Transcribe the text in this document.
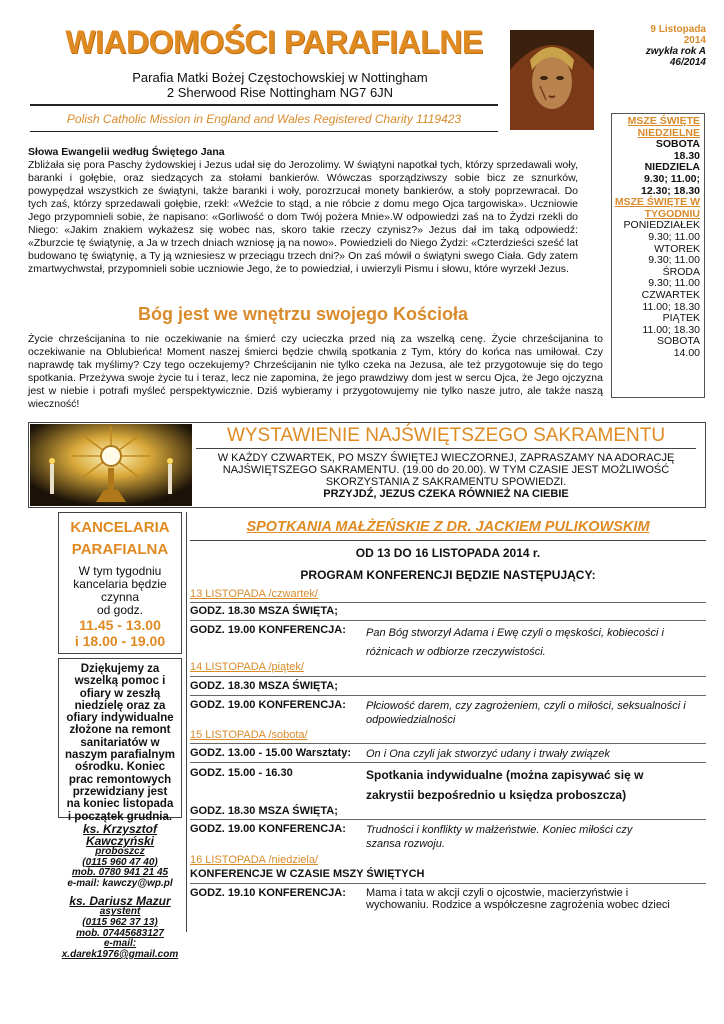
WIADOMOŚCI PARAFIALNE
Parafia Matki Bożej Częstochowskiej w Nottingham
2 Sherwood Rise Nottingham NG7 6JN
9 Listopada
2014
zwykła rok A
46/2014
Polish Catholic Mission in England and Wales Registered Charity 1119423	MSZE ŚWIĘTE NIEDZIELNE
SOBOTA
18.30
NIEDZIELA
9.30; 11.00;
12.30; 18.30
MSZE ŚWIĘTE W TYGODNIU
PONIEDZIAŁEK
9.30; 11.00
WTOREK
9.30; 11.00
ŚRODA
9.30; 11.00
CZWARTEK
11.00; 18.30
PIĄTEK
11.00; 18.30
SOBOTA
14.00
Słowa Ewangelii według Świętego Jana
Zbliżała się pora Paschy żydowskiej i Jezus udał się do Jerozolimy. W świątyni napotkał tych, którzy sprzedawali woły, baranki i gołębie, oraz siedzących za stołami bankierów. Wówczas sporządziwszy sobie bicz ze sznurków, powypędzał wszystkich ze świątyni, także baranki i woły, porozrzucał monety bankierów, a stoły poprzewracał. Do tych zaś, którzy sprzedawali gołębie, rzekł: «Weźcie to stąd, a nie róbcie z domu mego Ojca targowiska». Uczniowie Jego przypomnieli sobie, że napisano: «Gorliwość o dom Twój pożera Mnie».W odpowiedzi zaś na to Żydzi rzekli do Niego: «Jakim znakiem wykażesz się wobec nas, skoro takie rzeczy czynisz?» Jezus dał im taką odpowiedź: «Zburzcie tę świątynię, a Ja w trzech dniach wzniosę ją na nowo». Powiedzieli do Niego Żydzi: «Czterdzieści sześć lat budowano tę świątynię, a Ty ją wzniesiesz w przeciągu trzech dni?» On zaś mówił o świątyni swego Ciała. Gdy zatem zmartwychwstał, przypomnieli sobie uczniowie Jego, że to powiedział, i uwierzyli Pismu i słowu, które wyrzekł Jezus.
Bóg jest we wnętrzu swojego Kościoła
Życie chrześcijanina to nie oczekiwanie na śmierć czy ucieczka przed nią za wszelką cenę. Życie chrześcijanina to oczekiwanie na Oblubieńca! Moment naszej śmierci będzie chwilą spotkania z Tym, który do końca nas umiłował. Czy naprawdę tak myślimy? Czy tego oczekujemy? Chrześcijanin nie tylko czeka na Jezusa, ale też przygotowuje się do tego spotkania. Przeżywa swoje życie tu i teraz, lecz nie zapomina, że jego prawdziwy dom jest w sercu Ojca, że Jego ojczyzna jest w niebie i potrafi myśleć perspektywicznie. Dziś wybieramy i przygotowujemy nie tylko nasze jutro, ale także naszą wieczność!
WYSTAWIENIE NAJŚWIĘTSZEGO SAKRAMENTU
W KAŻDY CZWARTEK, PO MSZY ŚWIĘTEJ WIECZORNEJ, ZAPRASZAMY NA ADORACJĘ
NAJŚWIĘTSZEGO SAKRAMENTU. (19.00 do 20.00). W TYM CZASIE JEST MOŻLIWOŚĆ
SKORZYSTANIA Z SAKRAMENTU SPOWIEDZI.
PRZYJDŹ, JEZUS CZEKA RÓWNIEŻ NA CIEBIE
KANCELARIA
PARAFIALNA
W tym tygodniu
kancelaria będzie
czynna
od godz.
11.45 - 13.00
i 18.00 - 19.00
Dziękujemy za wszelką pomoc i ofiary w zeszłą niedzielę oraz za ofiary indywidualne złożone na remont sanitariatów w naszym parafialnym ośrodku. Koniec prac remontowych przewidziany jest na koniec listopada i początek grudnia.
ks. Krzysztof Kawczyński
proboszcz
(0115 960 47 40)
mob. 0780 941 21 45
e-mail: kawczy@wp.pl
ks. Dariusz Mazur
asystent
(0115 962 37 13)
mob. 07445683127
e-mail:
x.darek1976@gmail.com
SPOTKANIA MAŁŻEŃSKIE Z DR. JACKIEM PULIKOWSKIM
OD 13 DO 16 LISTOPADA 2014 r.
PROGRAM KONFERENCJI BĘDZIE NASTĘPUJĄCY:
13 LISTOPADA /czwartek/
GODZ. 18.30 MSZA ŚWIĘTA;
GODZ. 19.00 KONFERENCJA:	Pan Bóg stworzył Adama i Ewę czyli o męskości, kobiecości i różnicach w odbiorze rzeczywistości.
14 LISTOPADA /piątek/
GODZ. 18.30 MSZA ŚWIĘTA;
GODZ. 19.00 KONFERENCJA:	Płciowość darem, czy zagrożeniem, czyli o miłości, seksualności i odpowiedzialności
15 LISTOPADA /sobota/
GODZ. 13.00 - 15.00 Warsztaty:	On i Ona czyli jak stworzyć udany i trwały związek
GODZ. 15.00 - 16.30	Spotkania indywidualne (można zapisywać się w zakrystii bezpośrednio u księdza proboszcza)
GODZ. 18.30 MSZA ŚWIĘTA;
GODZ. 19.00 KONFERENCJA:	Trudności i konflikty w małżeństwie. Koniec miłości czy szansa rozwoju.
16 LISTOPADA /niedziela/
KONFERENCJE W CZASIE MSZY ŚWIĘTYCH
GODZ. 19.10 KONFERENCJA:	Mama i tata w akcji czyli o ojcostwie, macierzyństwie i wychowaniu. Rodzice a współczesne zagrożenia wobec dzieci
